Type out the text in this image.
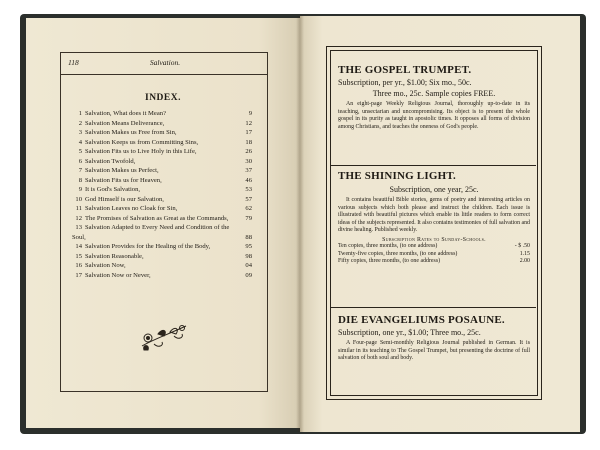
118	Salvation.
INDEX.
1 Salvation, What does it Mean?	9
2 Salvation Means Deliverance,	12
3 Salvation Makes us Free from Sin,	17
4 Salvation Keeps us from Committing Sins,	18
5 Salvation Fits us to Live Holy in this Life,	26
6 Salvation Twofold,	30
7 Salvation Makes us Perfect,	37
8 Salvation Fits us for Heaven,	46
9 It is God's Salvation,	53
10 God Himself is our Salvation,	57
11 Salvation Leaves no Cloak for Sin,	62
12 The Promises of Salvation as Great as the Commands,	79
13 Salvation Adapted to Every Need and Condition of the Soul,	88
14 Salvation Provides for the Healing of the Body,	95
15 Salvation Reasonable,	98
16 Salvation Now,	04
17 Salvation Now or Never,	09
THE GOSPEL TRUMPET.
Subscription, per yr., $1.00; Six mo., 50c.
Three mo., 25c. Sample copies FREE.
An eight-page Weekly Religious Journal, thoroughly up-to-date in its teaching, unsectarian and uncompromising. Its object is to present the whole gospel in its purity as taught in apostolic times. It opposes all forms of division among Christians, and teaches the oneness of God's people.
THE SHINING LIGHT.
Subscription, one year, 25c.
It contains beautiful Bible stories, gems of poetry and interesting articles on various subjects which both please and instruct the children. Each issue is illustrated with beautiful pictures which enable its little readers to form correct ideas of the subjects represented. It also contains testimonies of full salvation and divine healing. Published weekly.
Subscription Rates to Sunday-Schools.
Ten copies, three months, (to one address)	- $ .50
Twenty-five copies, three months, (to one address)	1.15
Fifty copies, three months, (to one address)	2.00
DIE EVANGELIUMS POSAUNE.
Subscription, one yr., $1.00; Three mo., 25c.
A Four-page Semi-monthly Religious Journal published in German. It is similar in its teaching to The Gospel Trumpet, but presenting the doctrine of full salvation of both soul and body.
